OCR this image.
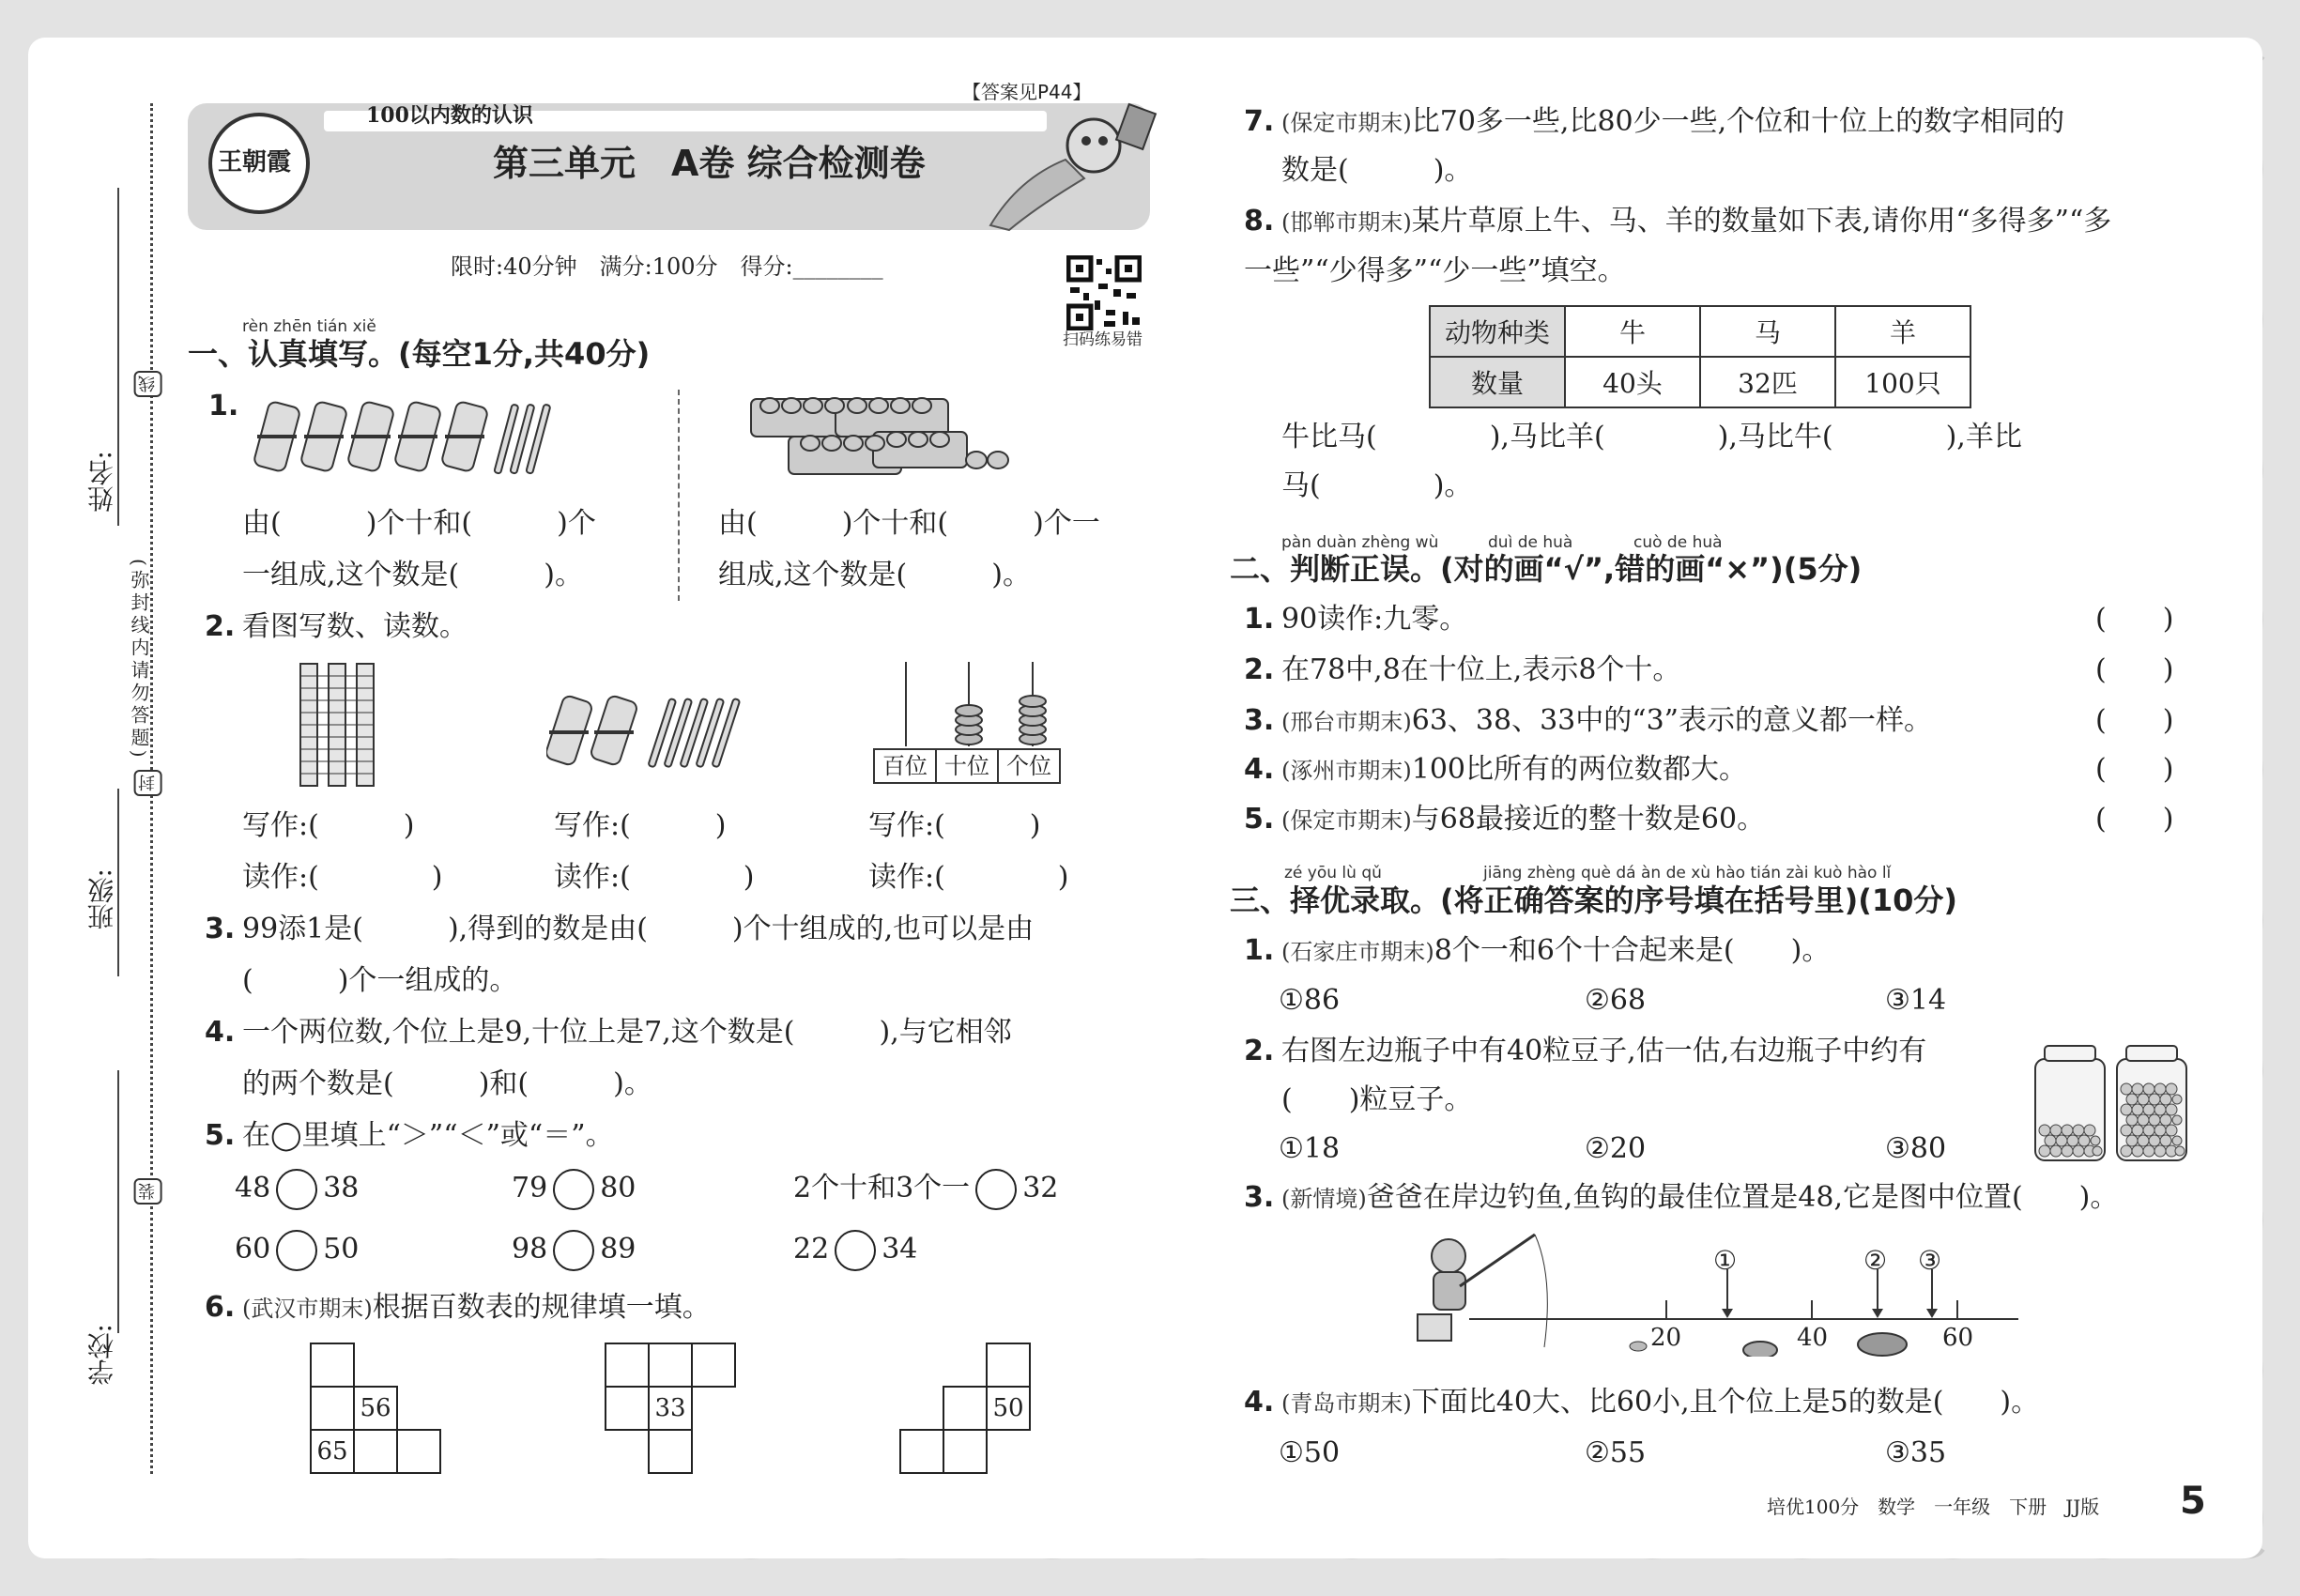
姓名:
班级:
学校:
线
封
装
(弥封线内请勿答题)
100以内数的认识
【答案见P44】
第三单元　A卷 综合检测卷
王朝霞
限时:40分钟　满分:100分　得分:________
扫码练易错
rèn zhēn tián xiě
一、认真填写。(每空1分,共40分)
1.
由(　　　)个十和(　　　)个
一组成,这个数是(　　　)。
由(　　　)个十和(　　　)个一
组成,这个数是(　　　)。
2. 看图写数、读数。
百位 十位 个位
写作:(　　　)	写作:(　　　)	写作:(　　　)
读作:(　　　　)	读作:(　　　　)	读作:(　　　　)
3. 99添1是(　　　),得到的数是由(　　　)个十组成的,也可以是由
(　　　)个一组成的。
4. 一个两位数,个位上是9,十位上是7,这个数是(　　　),与它相邻
的两个数是(　　　)和(　　　)。
5. 在◯里填上“＞”“＜”或“＝”。
48 38	79 80	2个十和3个一 32
60 50	98 89	22 34
6. (武汉市期末)根据百数表的规律填一填。

	56	
65		

	33	

			50

7. (保定市期末)比70多一些,比80少一些,个位和十位上的数字相同的
数是(　　　)。
8. (邯郸市期末)某片草原上牛、马、羊的数量如下表,请你用“多得多”“多
一些”“少得多”“少一些”填空。
动物种类	牛	马	羊
数量	40头	32匹	100只
牛比马(　　　　),马比羊(　　　　),马比牛(　　　　),羊比
马(　　　　)。
pàn duàn zhèng wù	duì de huà	cuò de huà
二、判断正误。(对的画“√”,错的画“×”)(5分)
1. 90读作:九零。	(　　)
2. 在78中,8在十位上,表示8个十。	(　　)
3. (邢台市期末)63、38、33中的“3”表示的意义都一样。	(　　)
4. (涿州市期末)100比所有的两位数都大。	(　　)
5. (保定市期末)与68最接近的整十数是60。	(　　)
zé yōu lù qǔ	jiāng zhèng què dá àn de xù hào tián zài kuò hào lǐ
三、择优录取。(将正确答案的序号填在括号里)(10分)
1. (石家庄市期末)8个一和6个十合起来是(　　)。
①86	②68	③14
2. 右图左边瓶子中有40粒豆子,估一估,右边瓶子中约有
(　　)粒豆子。
①18	②20	③80
3. (新情境)爸爸在岸边钓鱼,鱼钩的最佳位置是48,它是图中位置(　　)。
①	② ③
20	40	60
4. (青岛市期末)下面比40大、比60小,且个位上是5的数是(　　)。
①50	②55	③35
培优100分　数学　一年级　下册　JJ版 5
